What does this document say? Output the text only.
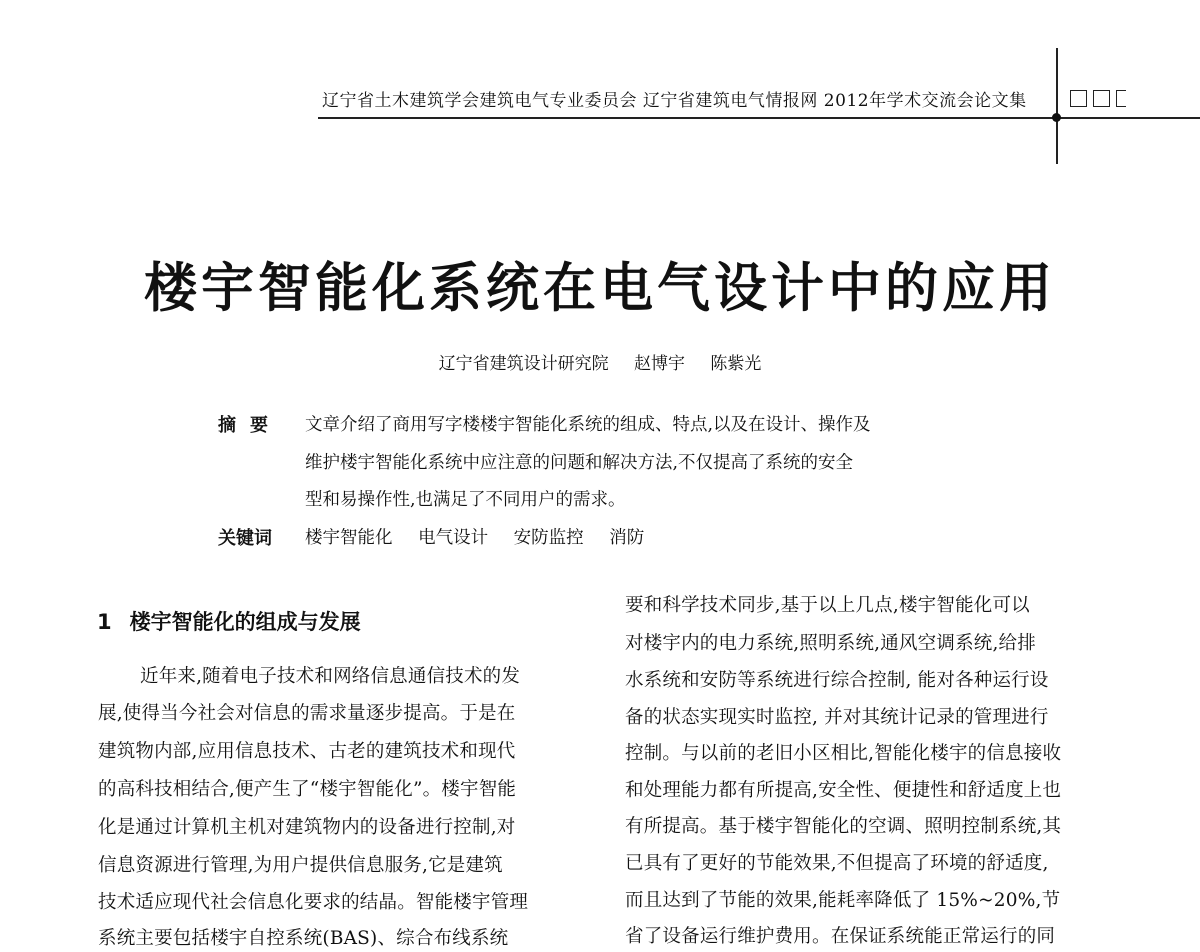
辽宁省土木建筑学会建筑电气专业委员会 辽宁省建筑电气情报网 2012年学术交流会论文集
楼宇智能化系统在电气设计中的应用
辽宁省建筑设计研究院 赵博宇 陈紫光
摘要 文章介绍了商用写字楼楼宇智能化系统的组成、特点,以及在设计、操作及
维护楼宇智能化系统中应注意的问题和解决方法,不仅提高了系统的安全
型和易操作性,也满足了不同用户的需求。
关键词 楼宇智能化 电气设计 安防监控 消防
1 楼宇智能化的组成与发展
近年来,随着电子技术和网络信息通信技术的发
展,使得当今社会对信息的需求量逐步提高。于是在
建筑物内部,应用信息技术、古老的建筑技术和现代
的高科技相结合,便产生了“楼宇智能化”。楼宇智能
化是通过计算机主机对建筑物内的设备进行控制,对
信息资源进行管理,为用户提供信息服务,它是建筑
技术适应现代社会信息化要求的结晶。智能楼宇管理
系统主要包括楼宇自控系统(BAS)、综合布线系统
要和科学技术同步,基于以上几点,楼宇智能化可以
对楼宇内的电力系统,照明系统,通风空调系统,给排
水系统和安防等系统进行综合控制, 能对各种运行设
备的状态实现实时监控, 并对其统计记录的管理进行
控制。与以前的老旧小区相比,智能化楼宇的信息接收
和处理能力都有所提高,安全性、便捷性和舒适度上也
有所提高。基于楼宇智能化的空调、照明控制系统,其
已具有了更好的节能效果,不但提高了环境的舒适度,
而且达到了节能的效果,能耗率降低了 15%~20%,节
省了设备运行维护费用。在保证系统能正常运行的同
